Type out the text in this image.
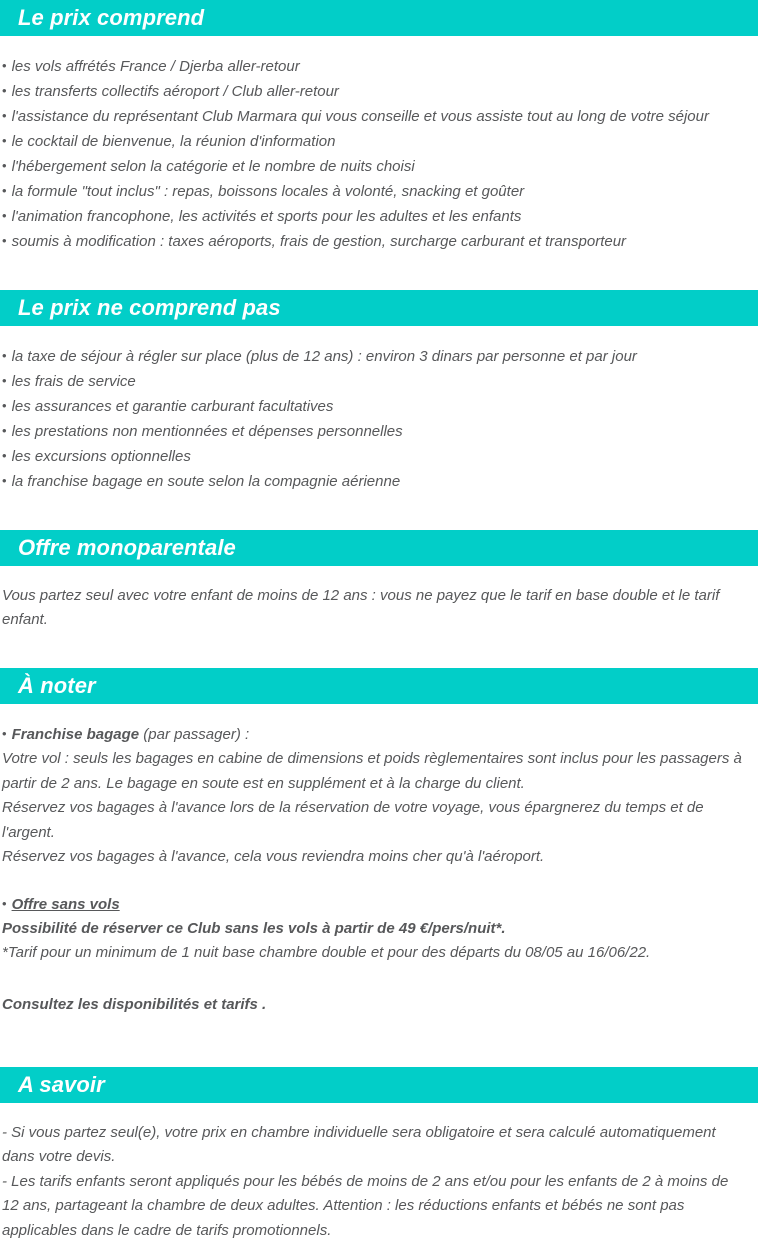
Le prix comprend
• les vols affrétés France / Djerba aller-retour
• les transferts collectifs aéroport / Club aller-retour
• l'assistance du représentant Club Marmara qui vous conseille et vous assiste tout au long de votre séjour
• le cocktail de bienvenue, la réunion d'information
• l'hébergement selon la catégorie et le nombre de nuits choisi
• la formule "tout inclus" : repas, boissons locales à volonté, snacking et goûter
• l'animation francophone, les activités et sports pour les adultes et les enfants
• soumis à modification : taxes aéroports, frais de gestion, surcharge carburant et transporteur
Le prix ne comprend pas
• la taxe de séjour à régler sur place (plus de 12 ans) : environ 3 dinars par personne et par jour
• les frais de service
• les assurances et garantie carburant facultatives
• les prestations non mentionnées et dépenses personnelles
• les excursions optionnelles
• la franchise bagage en soute selon la compagnie aérienne
Offre monoparentale

Vous partez seul avec votre enfant de moins de 12 ans : vous ne payez que le tarif en base double et le tarif enfant.

À noter

• Franchise bagage (par passager) :

Votre vol : seuls les bagages en cabine de dimensions et poids règlementaires sont inclus pour les passagers à partir de 2 ans. Le bagage en soute est en supplément et à la charge du client.

Réservez vos bagages à l'avance lors de la réservation de votre voyage, vous épargnerez du temps et de l'argent.

Réservez vos bagages à l'avance, cela vous reviendra moins cher qu'à l'aéroport.

• Offre sans vols

Possibilité de réserver ce Club sans les vols à partir de 49 €/pers/nuit*.

*Tarif pour un minimum de 1 nuit base chambre double et pour des départs du 08/05 au 16/06/22.

Consultez les disponibilités et tarifs .

A savoir

- Si vous partez seul(e), votre prix en chambre individuelle sera obligatoire et sera calculé automatiquement dans votre devis.

- Les tarifs enfants seront appliqués pour les bébés de moins de 2 ans et/ou pour les enfants de 2 à moins de 12 ans, partageant la chambre de deux adultes. Attention : les réductions enfants et bébés ne sont pas applicables dans le cadre de tarifs promotionnels.
